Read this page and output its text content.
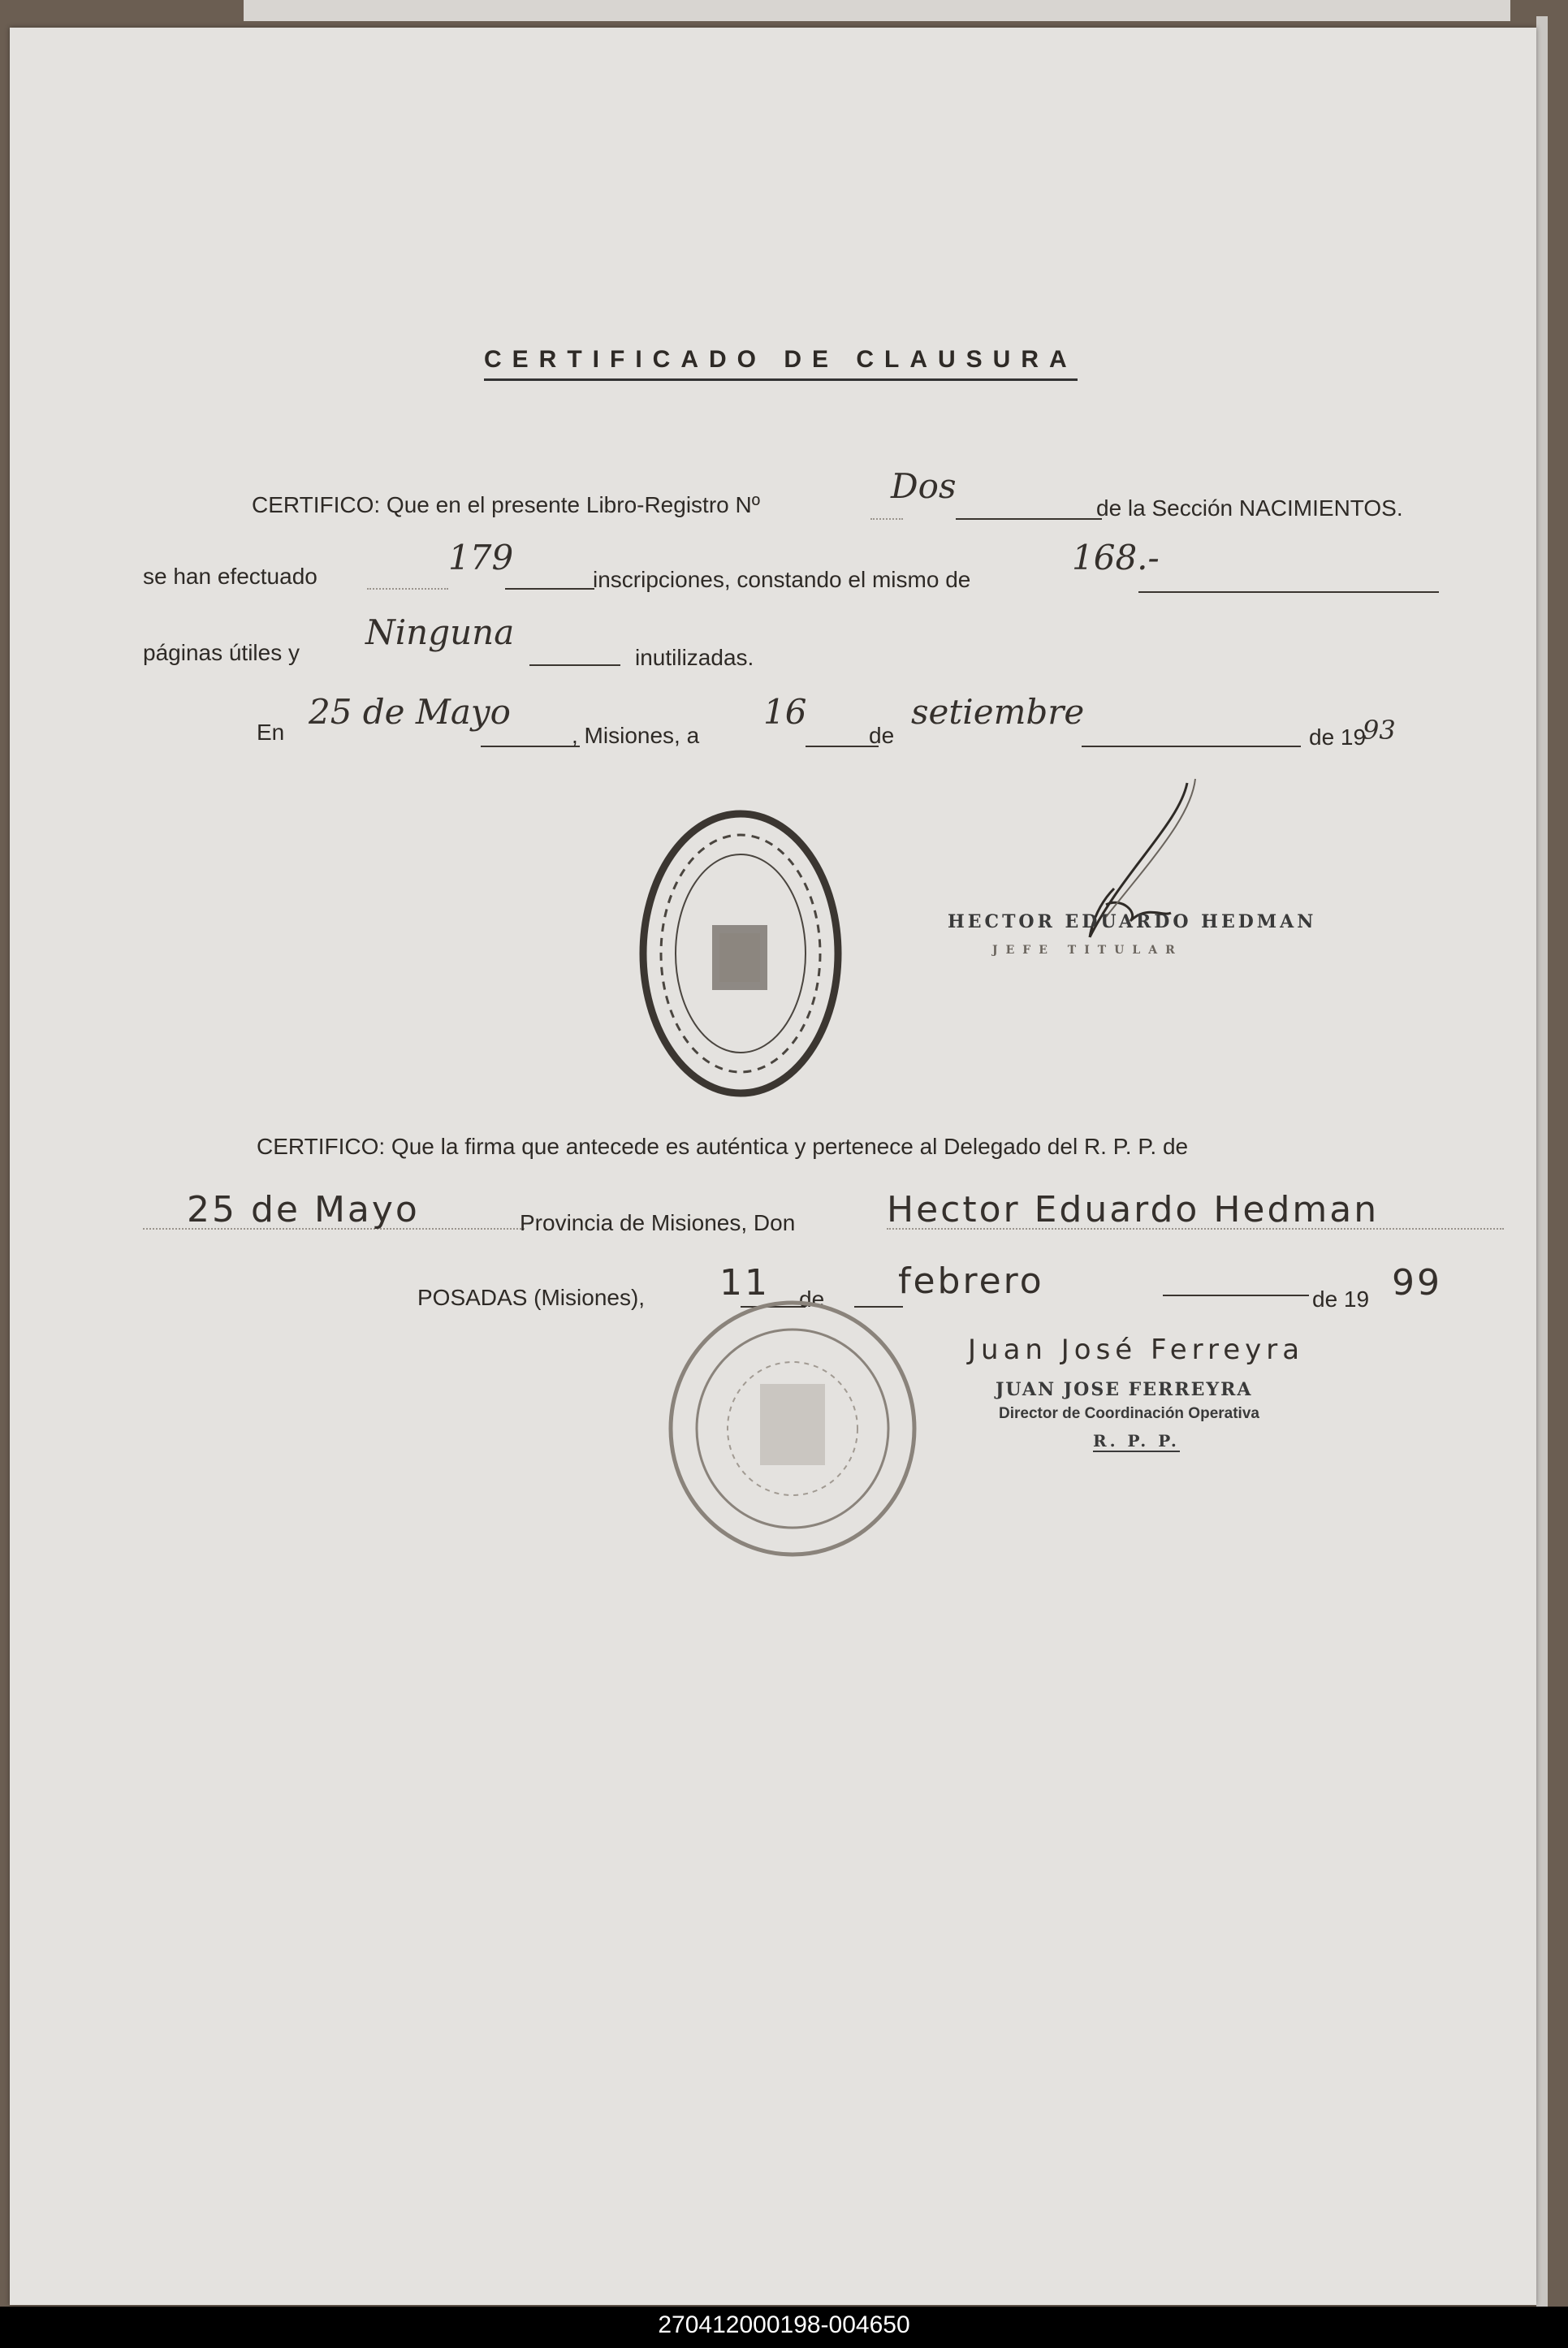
CERTIFICADO DE CLAUSURA
CERTIFICO: Que en el presente Libro-Registro Nº	Dos
de la Sección NACIMIENTOS.
se han efectuado	179
inscripciones, constando el mismo de
168.-
páginas útiles y
Ninguna
inutilizadas.
En
25 de Mayo
, Misiones, a
16
de
setiembre
de 19
93
HECTOR EDUARDO HEDMAN
JEFE TITULAR
CERTIFICO: Que la firma que antecede es auténtica y pertenece al Delegado del R. P. P. de
25 de Mayo	Provincia de Misiones, Don	Hector Eduardo Hedman
POSADAS (Misiones), 11 de febrero	de 19 99
Juan José Ferreyra
JUAN JOSE FERREYRA
Director de Coordinación Operativa
R. P. P.
270412000198-004650
